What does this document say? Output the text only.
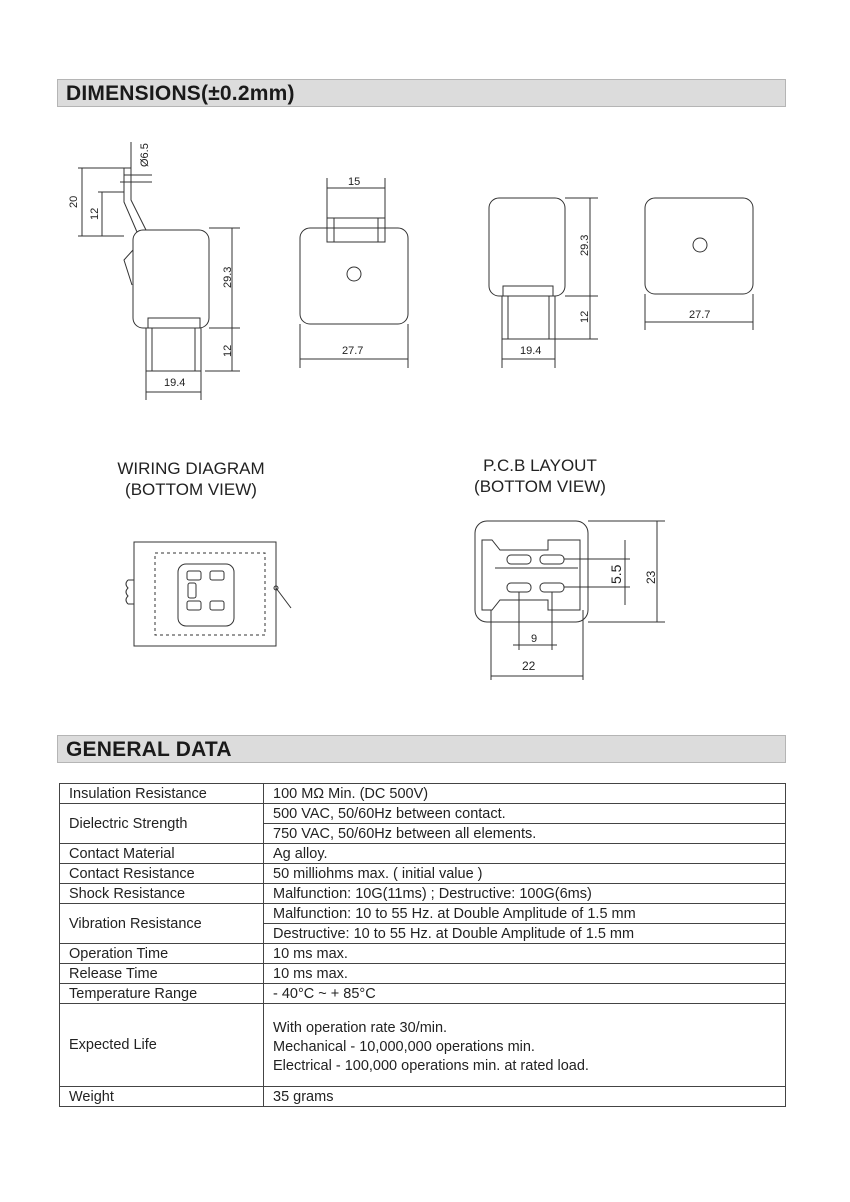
DIMENSIONS(±0.2mm)
Ø6.5
20
12
29.3
12
19.4
15
27.7
29.3
12
19.4
27.7
5.5 23
9
22
WIRING DIAGRAM
(BOTTOM VIEW)
P.C.B LAYOUT
(BOTTOM VIEW)
GENERAL DATA
Insulation Resistance	100 MΩ Min. (DC 500V)
Dielectric Strength	500 VAC, 50/60Hz between contact.
	750 VAC, 50/60Hz between all elements.
Contact Material	Ag alloy.
Contact Resistance	50 milliohms max. ( initial value )
Shock Resistance	Malfunction: 10G(11ms) ; Destructive: 100G(6ms)
Vibration Resistance	Malfunction: 10 to 55 Hz. at Double Amplitude of 1.5 mm
	Destructive: 10 to 55 Hz. at Double Amplitude of 1.5 mm
Operation Time	10 ms max.
Release Time	10 ms max.
Temperature Range	- 40°C ~ + 85°C
Expected Life	With operation rate 30/min.
Mechanical - 10,000,000 operations min.
Electrical - 100,000 operations min. at rated load.

Weight	35 grams
